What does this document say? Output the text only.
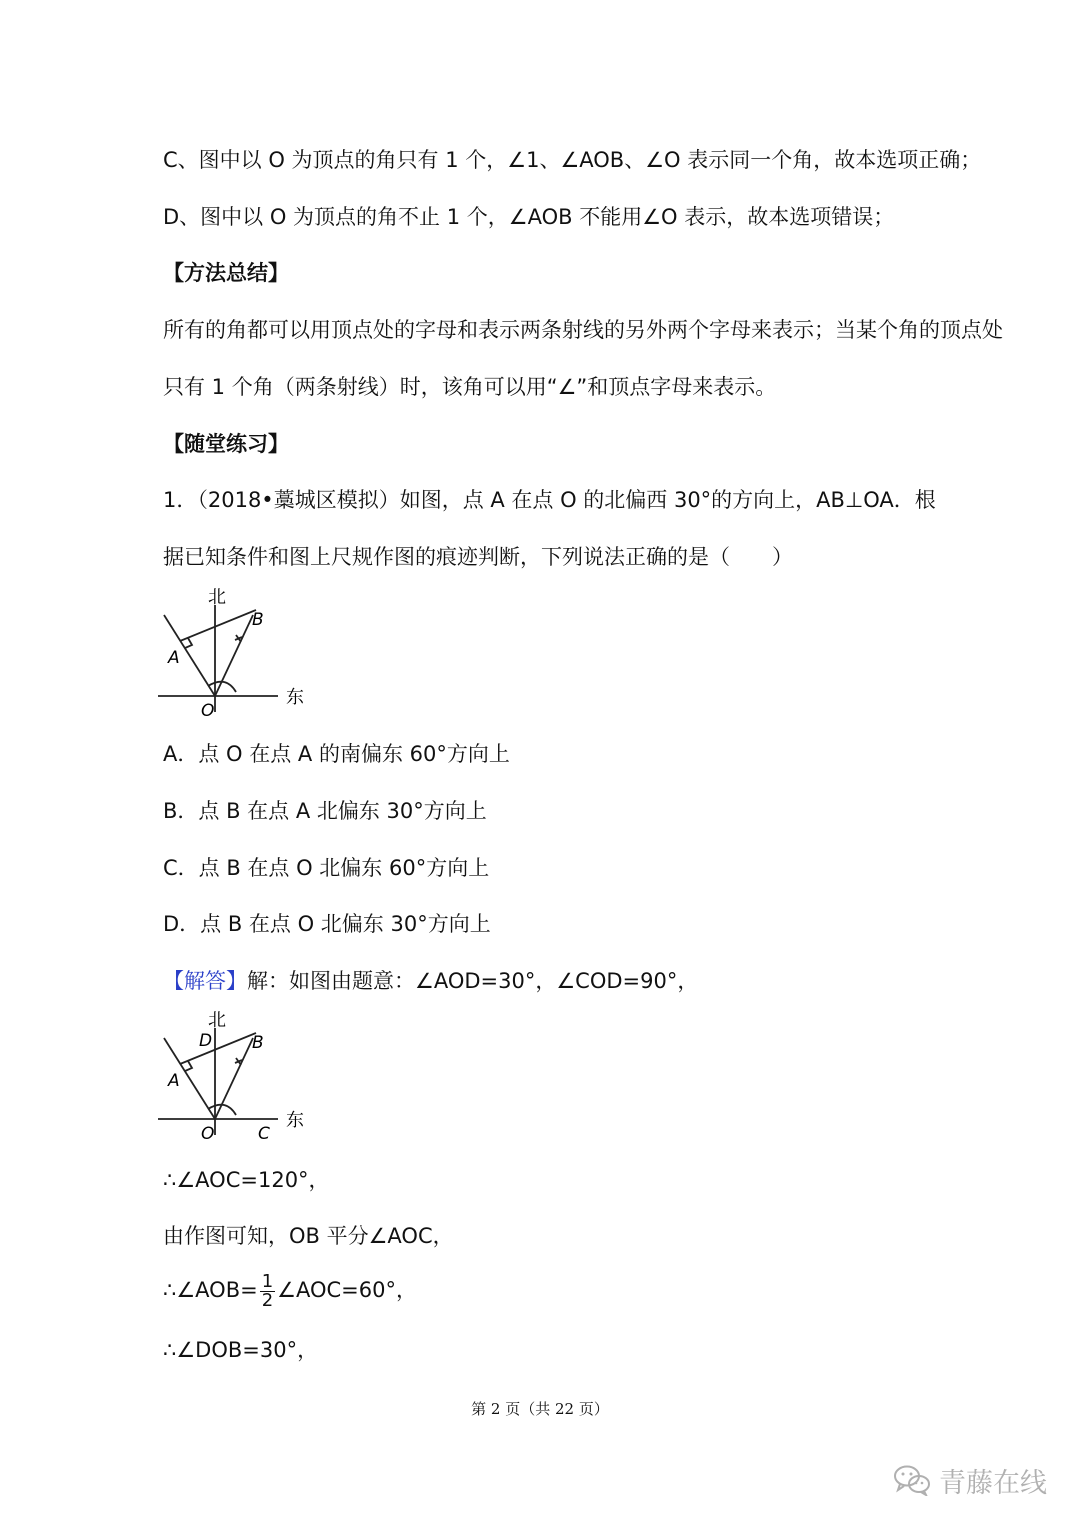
C、图中以 O 为顶点的角只有 1 个，∠1、∠AOB、∠O 表示同一个角，故本选项正确；
D、图中以 O 为顶点的角不止 1 个，∠AOB 不能用∠O 表示，故本选项错误；
【方法总结】
所有的角都可以用顶点处的字母和表示两条射线的另外两个字母来表示；当某个角的顶点处
只有 1 个角（两条射线）时，该角可以用“∠”和顶点字母来表示。
【随堂练习】
1．（2018•藁城区模拟）如图，点 A 在点 O 的北偏西 30°的方向上，AB⊥OA．根
据已知条件和图上尺规作图的痕迹判断，下列说法正确的是（　　）
北
B
A
O
东
A．点 O 在点 A 的南偏东 60°方向上
B．点 B 在点 A 北偏东 30°方向上
C．点 B 在点 O 北偏东 60°方向上
D．点 B 在点 O 北偏东 30°方向上
【解答】解：如图由题意：∠AOD=30°，∠COD=90°，
北
D B
A
O	C
东
∴∠AOC=120°，
由作图可知，OB 平分∠AOC，
∴∠AOB= $\frac{1}{2}$ ∠AOC=60°，
∴∠DOB=30°，
第 2 页（共 22 页）
青藤在线
